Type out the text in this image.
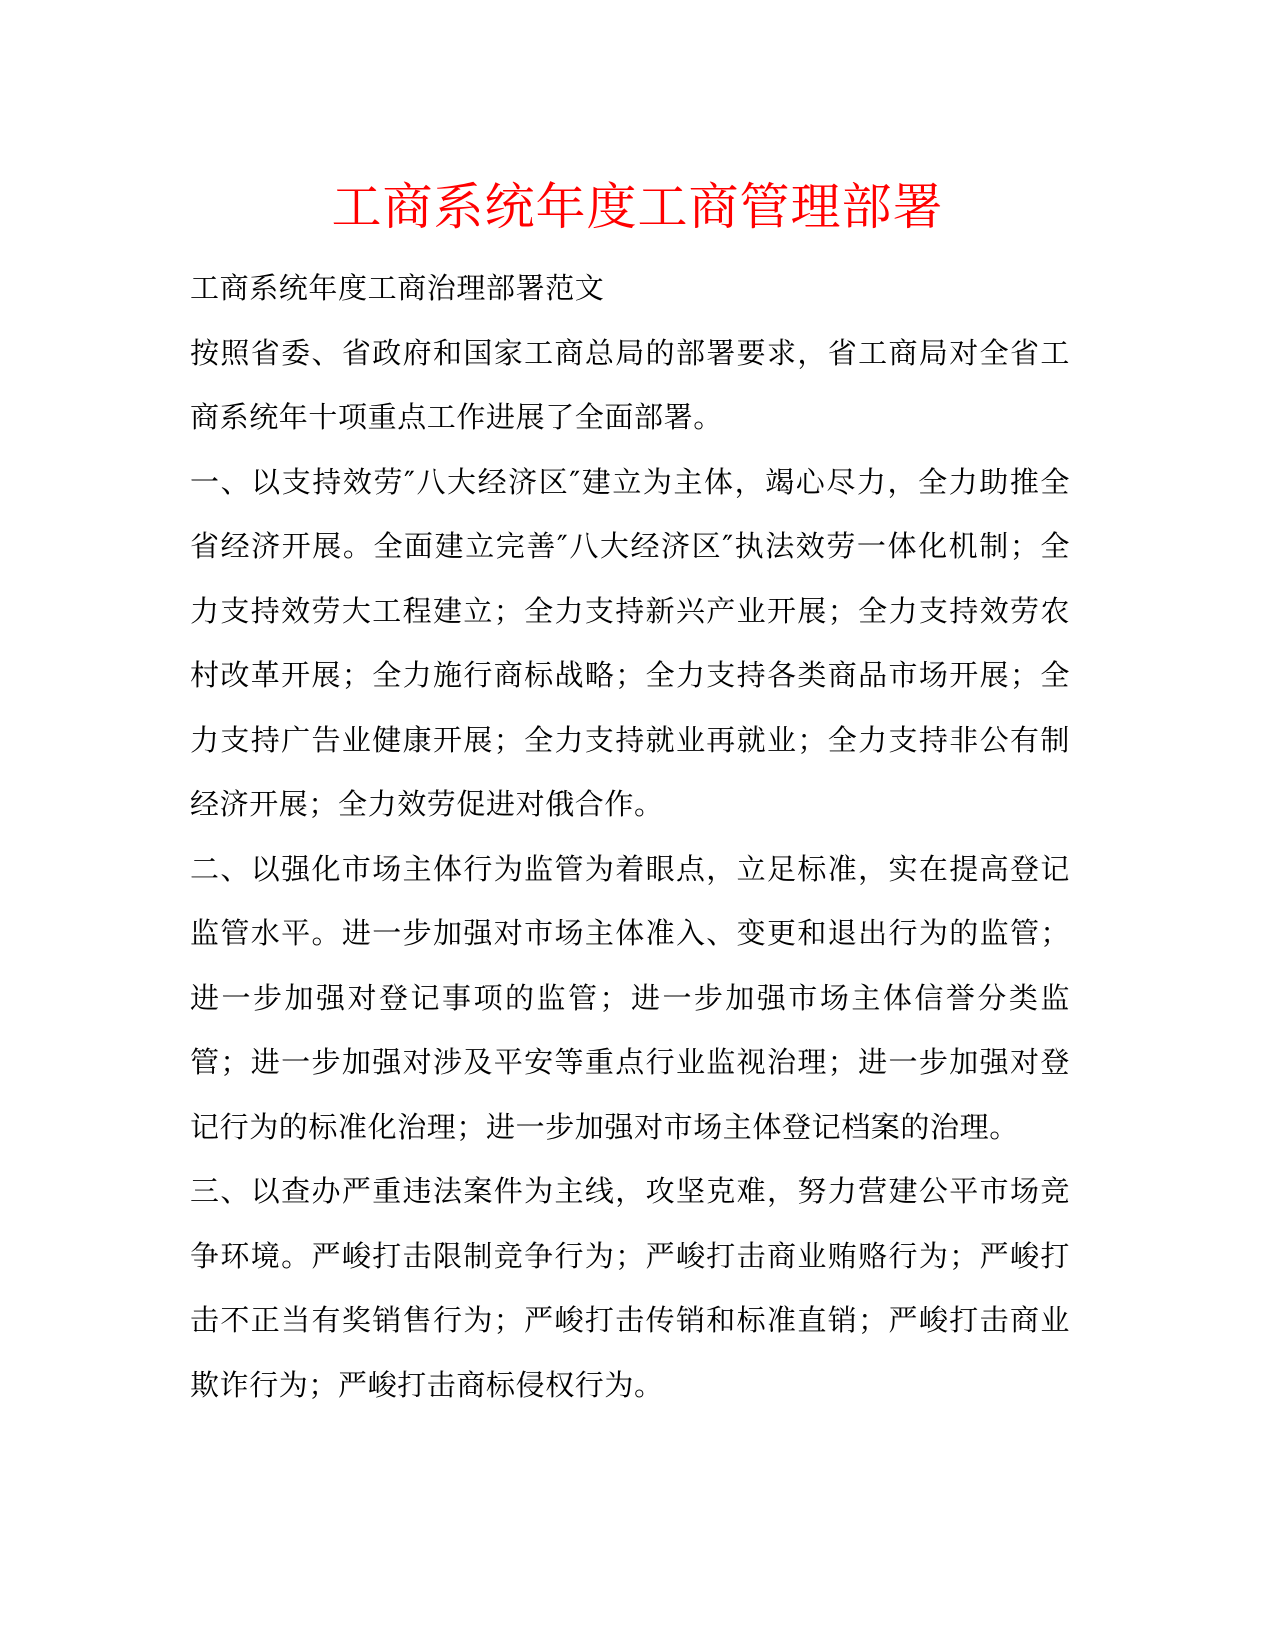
工商系统年度工商管理部署

工商系统年度工商治理部署范文

按照省委、省政府和国家工商总局的部署要求，省工商局对全省工商系统年十项重点工作进展了全面部署。

一、以支持效劳″八大经济区″建立为主体，竭心尽力，全力助推全省经济开展。全面建立完善″八大经济区″执法效劳一体化机制；全力支持效劳大工程建立；全力支持新兴产业开展；全力支持效劳农村改革开展；全力施行商标战略；全力支持各类商品市场开展；全力支持广告业健康开展；全力支持就业再就业；全力支持非公有制经济开展；全力效劳促进对俄合作。

二、以强化市场主体行为监管为着眼点，立足标准，实在提高登记监管水平。进一步加强对市场主体准入、变更和退出行为的监管；进一步加强对登记事项的监管；进一步加强市场主体信誉分类监管；进一步加强对涉及平安等重点行业监视治理；进一步加强对登记行为的标准化治理；进一步加强对市场主体登记档案的治理。

三、以查办严重违法案件为主线，攻坚克难，努力营建公平市场竞争环境。严峻打击限制竞争行为；严峻打击商业贿赂行为；严峻打击不正当有奖销售行为；严峻打击传销和标准直销；严峻打击商业欺诈行为；严峻打击商标侵权行为。
